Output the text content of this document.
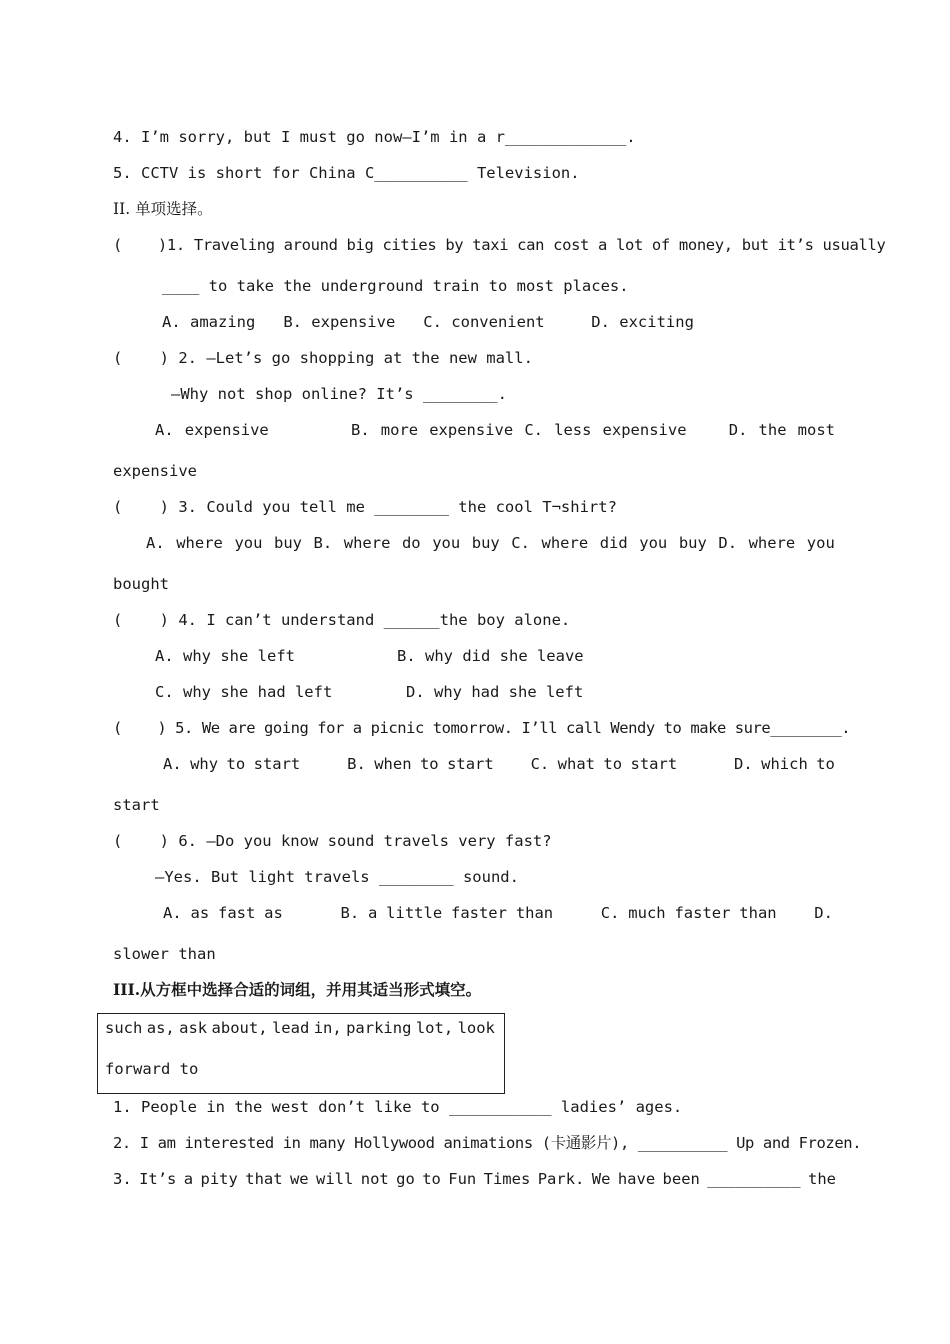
4. I’m sorry, but I must go now—I’m in a r_____________.
5. CCTV is short for China C__________ Television.
II. 单项选择。
(    )1. Traveling around big cities by taxi can cost a lot of money, but it’s usually
____ to take the underground train to most places.
A. amazing   B. expensive   C. convenient     D. exciting
(    ) 2. —Let’s go shopping at the new mall.
—Why not shop online? It’s ________.
A. expensive	B. more expensive C. less expensive	D. the most
expensive
(    ) 3. Could you tell me ________ the cool T¬shirt?
A. where you buy B. where do you buy C. where did you buy D. where you
bought
(    ) 4. I can’t understand ______the boy alone.
A. why she left	B. why did she leave
C. why she had left	D. why had she left
(    ) 5. We are going for a picnic tomorrow. I’ll call Wendy to make sure________.
A. why to start	B. when to start C. what to start	D. which to
start
(    ) 6. —Do you know sound travels very fast?
—Yes. But light travels ________ sound.
A. as fast as	B. a little faster than	C. much faster than D.
slower than
III.从方框中选择合适的词组，并用其适当形式填空。
such as, ask about, lead in, parking lot, look
forward to
1. People in the west don’t like to ___________ ladies’ ages.
2. I am interested in many Hollywood animations (卡通影片), __________ Up and Frozen.
3. It’s a pity that we will not go to Fun Times Park. We have been __________ the
